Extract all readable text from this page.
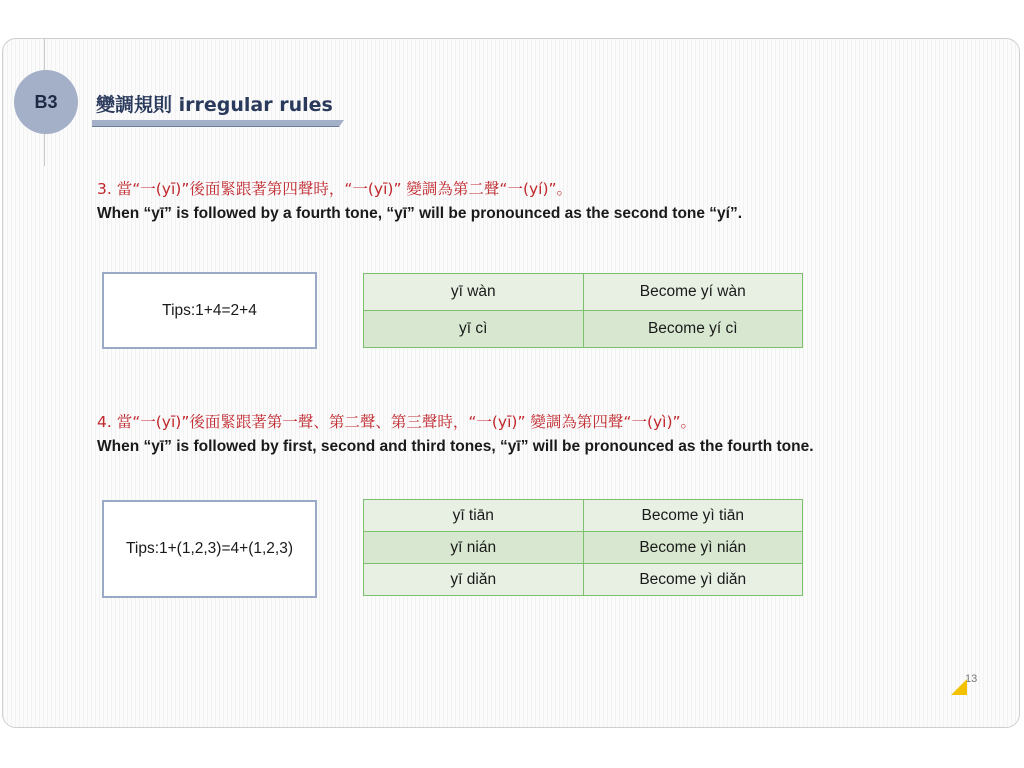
B3	變調規則 irregular rules
3. 當“一(yī)”後面緊跟著第四聲時，“一(yī)” 變調為第二聲“一(yí)”。
When “yī” is followed by a fourth tone, “yī” will be pronounced as the second tone “yí”.
Tips:1+4=2+4
yī wàn	Become yí wàn
yī cì	Become yí cì
4. 當“一(yī)”後面緊跟著第一聲、第二聲、第三聲時，“一(yī)” 變調為第四聲“一(yì)”。
When “yī” is followed by first, second and third tones, “yī” will be pronounced as the fourth tone.
Tips:1+(1,2,3)=4+(1,2,3)
yī tiān	Become yì tiān
yī nián	Become yì nián
yī diǎn	Become yì diǎn
13
